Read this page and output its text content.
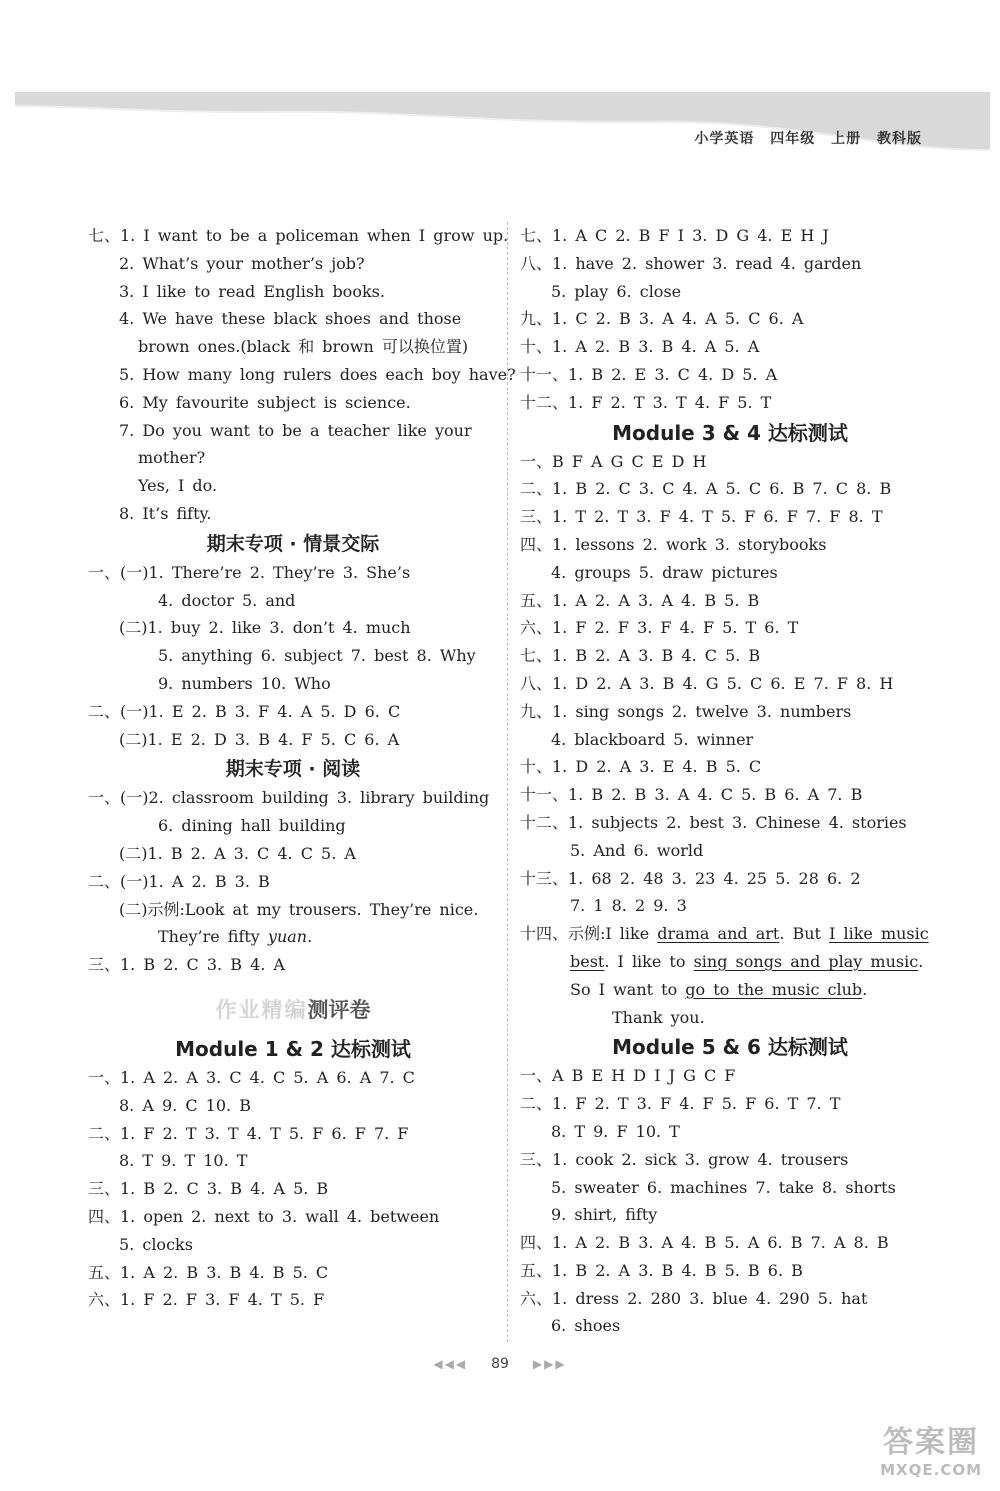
小学英语 四年级 上册 教科版
七、1. I want to be a policeman when I grow up.
2. What’s your mother’s job?
3. I like to read English books.
4. We have these black shoes and those
brown ones.(black 和 brown 可以换位置)
5. How many long rulers does each boy have?
6. My favourite subject is science.
7. Do you want to be a teacher like your
mother?
Yes, I do.
8. It’s fifty.
期末专项 · 情景交际
一、(一)1. There’re 2. They’re 3. She’s
4. doctor 5. and
(二)1. buy 2. like 3. don’t 4. much
5. anything 6. subject 7. best 8. Why
9. numbers 10. Who
二、(一)1. E 2. B 3. F 4. A 5. D 6. C
(二)1. E 2. D 3. B 4. F 5. C 6. A
期末专项 · 阅读
一、(一)2. classroom building 3. library building
6. dining hall building
(二)1. B 2. A 3. C 4. C 5. A
二、(一)1. A 2. B 3. B
(二)示例:Look at my trousers. They’re nice.
They’re fifty yuan.
三、1. B 2. C 3. B 4. A
作业精编测评卷
Module 1 & 2 达标测试
一、1. A 2. A 3. C 4. C 5. A 6. A 7. C
8. A 9. C 10. B
二、1. F 2. T 3. T 4. T 5. F 6. F 7. F
8. T 9. T 10. T
三、1. B 2. C 3. B 4. A 5. B
四、1. open 2. next to 3. wall 4. between
5. clocks
五、1. A 2. B 3. B 4. B 5. C
六、1. F 2. F 3. F 4. T 5. F
七、1. A C 2. B F I 3. D G 4. E H J
八、1. have 2. shower 3. read 4. garden
5. play 6. close
九、1. C 2. B 3. A 4. A 5. C 6. A
十、1. A 2. B 3. B 4. A 5. A
十一、1. B 2. E 3. C 4. D 5. A
十二、1. F 2. T 3. T 4. F 5. T
Module 3 & 4 达标测试
一、B F A G C E D H
二、1. B 2. C 3. C 4. A 5. C 6. B 7. C 8. B
三、1. T 2. T 3. F 4. T 5. F 6. F 7. F 8. T
四、1. lessons 2. work 3. storybooks
4. groups 5. draw pictures
五、1. A 2. A 3. A 4. B 5. B
六、1. F 2. F 3. F 4. F 5. T 6. T
七、1. B 2. A 3. B 4. C 5. B
八、1. D 2. A 3. B 4. G 5. C 6. E 7. F 8. H
九、1. sing songs 2. twelve 3. numbers
4. blackboard 5. winner
十、1. D 2. A 3. E 4. B 5. C
十一、1. B 2. B 3. A 4. C 5. B 6. A 7. B
十二、1. subjects 2. best 3. Chinese 4. stories
5. And 6. world
十三、1. 68 2. 48 3. 23 4. 25 5. 28 6. 2
7. 1 8. 2 9. 3
十四、示例:I like drama and art. But I like music
best. I like to sing songs and play music.
So I want to go to the music club.
Thank you.
Module 5 & 6 达标测试
一、A B E H D I J G C F
二、1. F 2. T 3. F 4. F 5. F 6. T 7. T
8. T 9. F 10. T
三、1. cook 2. sick 3. grow 4. trousers
5. sweater 6. machines 7. take 8. shorts
9. shirt, fifty
四、1. A 2. B 3. A 4. B 5. A 6. B 7. A 8. B
五、1. B 2. A 3. B 4. B 5. B 6. B
六、1. dress 2. 280 3. blue 4. 290 5. hat
6. shoes
◀◀◀ 89 ▶▶▶
答案圈
MXQE.COM
